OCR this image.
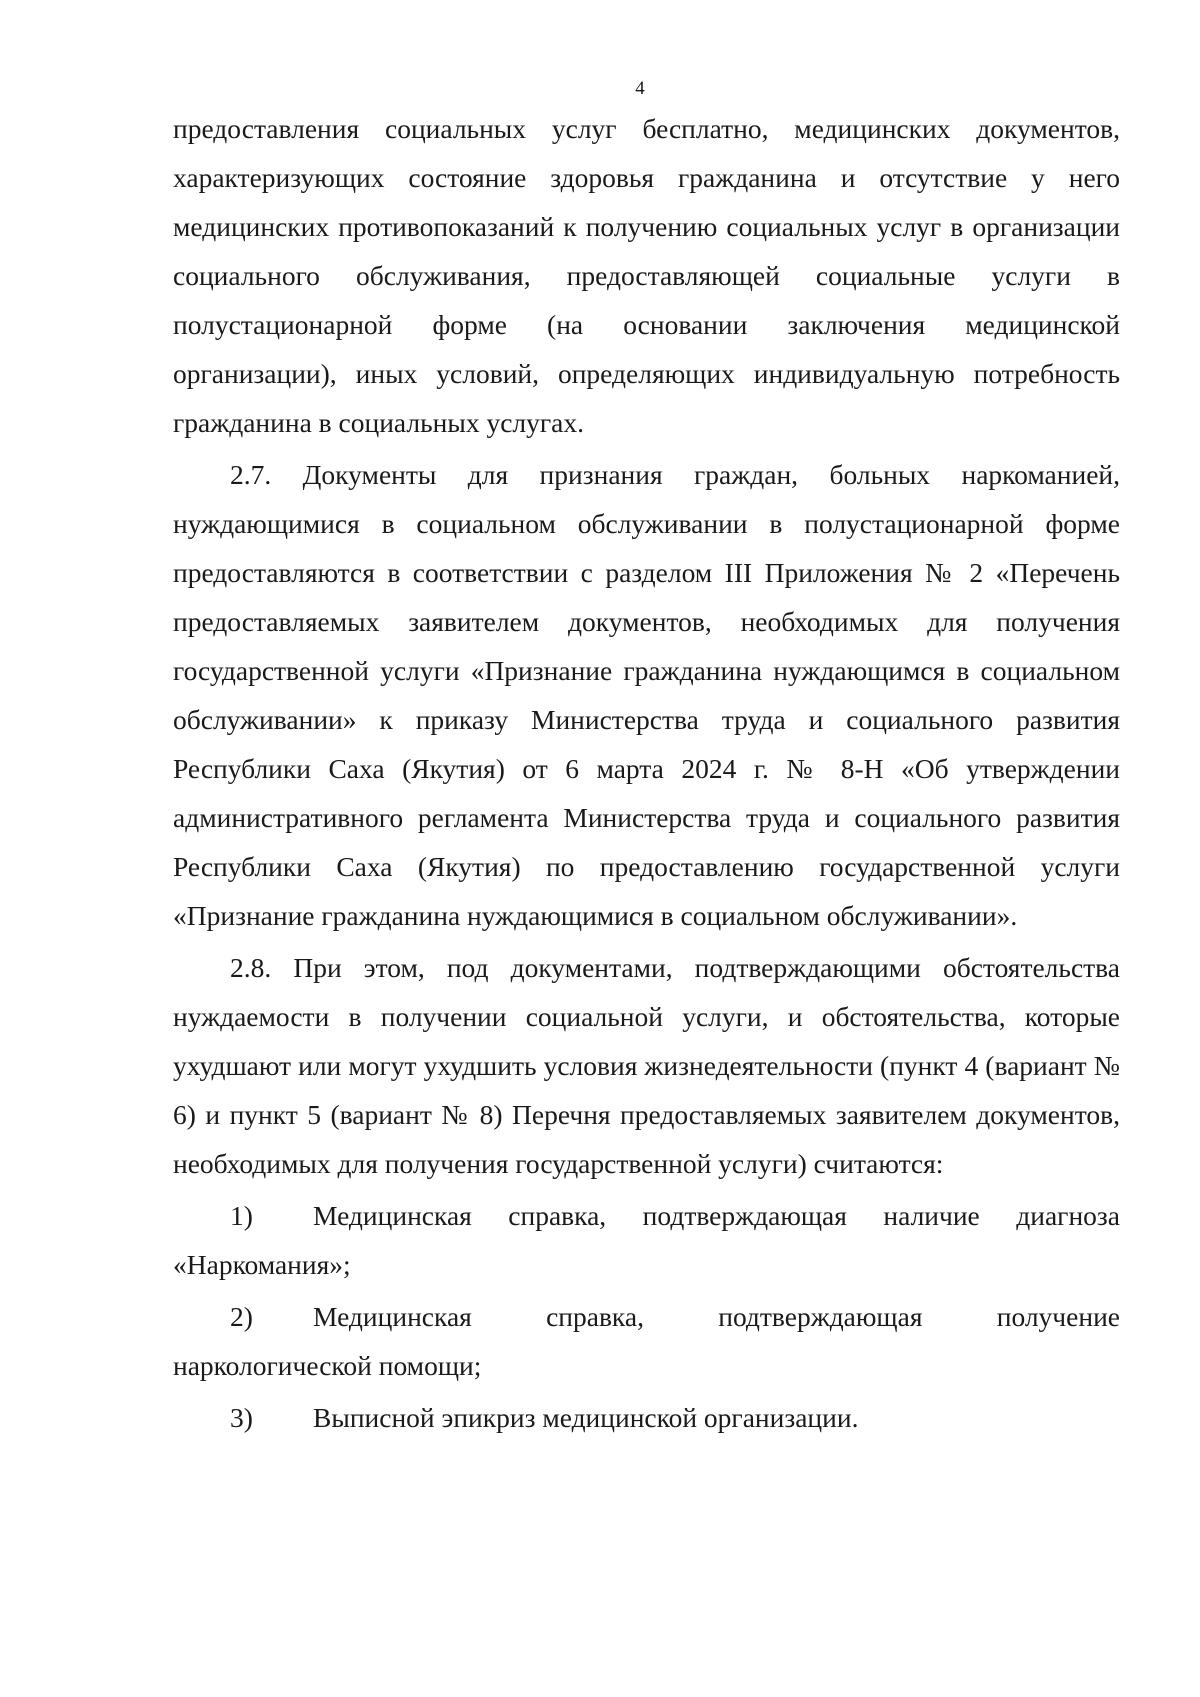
4

предоставления социальных услуг бесплатно, медицинских документов, характеризующих состояние здоровья гражданина и отсутствие у него медицинских противопоказаний к получению социальных услуг в организации социального обслуживания, предоставляющей социальные услуги в полустационарной форме (на основании заключения медицинской организации), иных условий, определяющих индивидуальную потребность гражданина в социальных услугах.

2.7. Документы для признания граждан, больных наркоманией, нуждающимися в социальном обслуживании в полустационарной форме предоставляются в соответствии с разделом III Приложения № 2 «Перечень предоставляемых заявителем документов, необходимых для получения государственной услуги «Признание гражданина нуждающимся в социальном обслуживании» к приказу Министерства труда и социального развития Республики Саха (Якутия) от 6 марта 2024 г. № 8-Н «Об утверждении административного регламента Министерства труда и социального развития Республики Саха (Якутия) по предоставлению государственной услуги «Признание гражданина нуждающимися в социальном обслуживании».

2.8. При этом, под документами, подтверждающими обстоятельства нуждаемости в получении социальной услуги, и обстоятельства, которые ухудшают или могут ухудшить условия жизнедеятельности (пункт 4 (вариант № 6) и пункт 5 (вариант № 8) Перечня предоставляемых заявителем документов, необходимых для получения государственной услуги) считаются:

1) Медицинская справка, подтверждающая наличие диагноза
«Наркомания»;
2) Медицинская справка, подтверждающая получение
наркологической помощи;
3) Выписной эпикриз медицинской организации.
